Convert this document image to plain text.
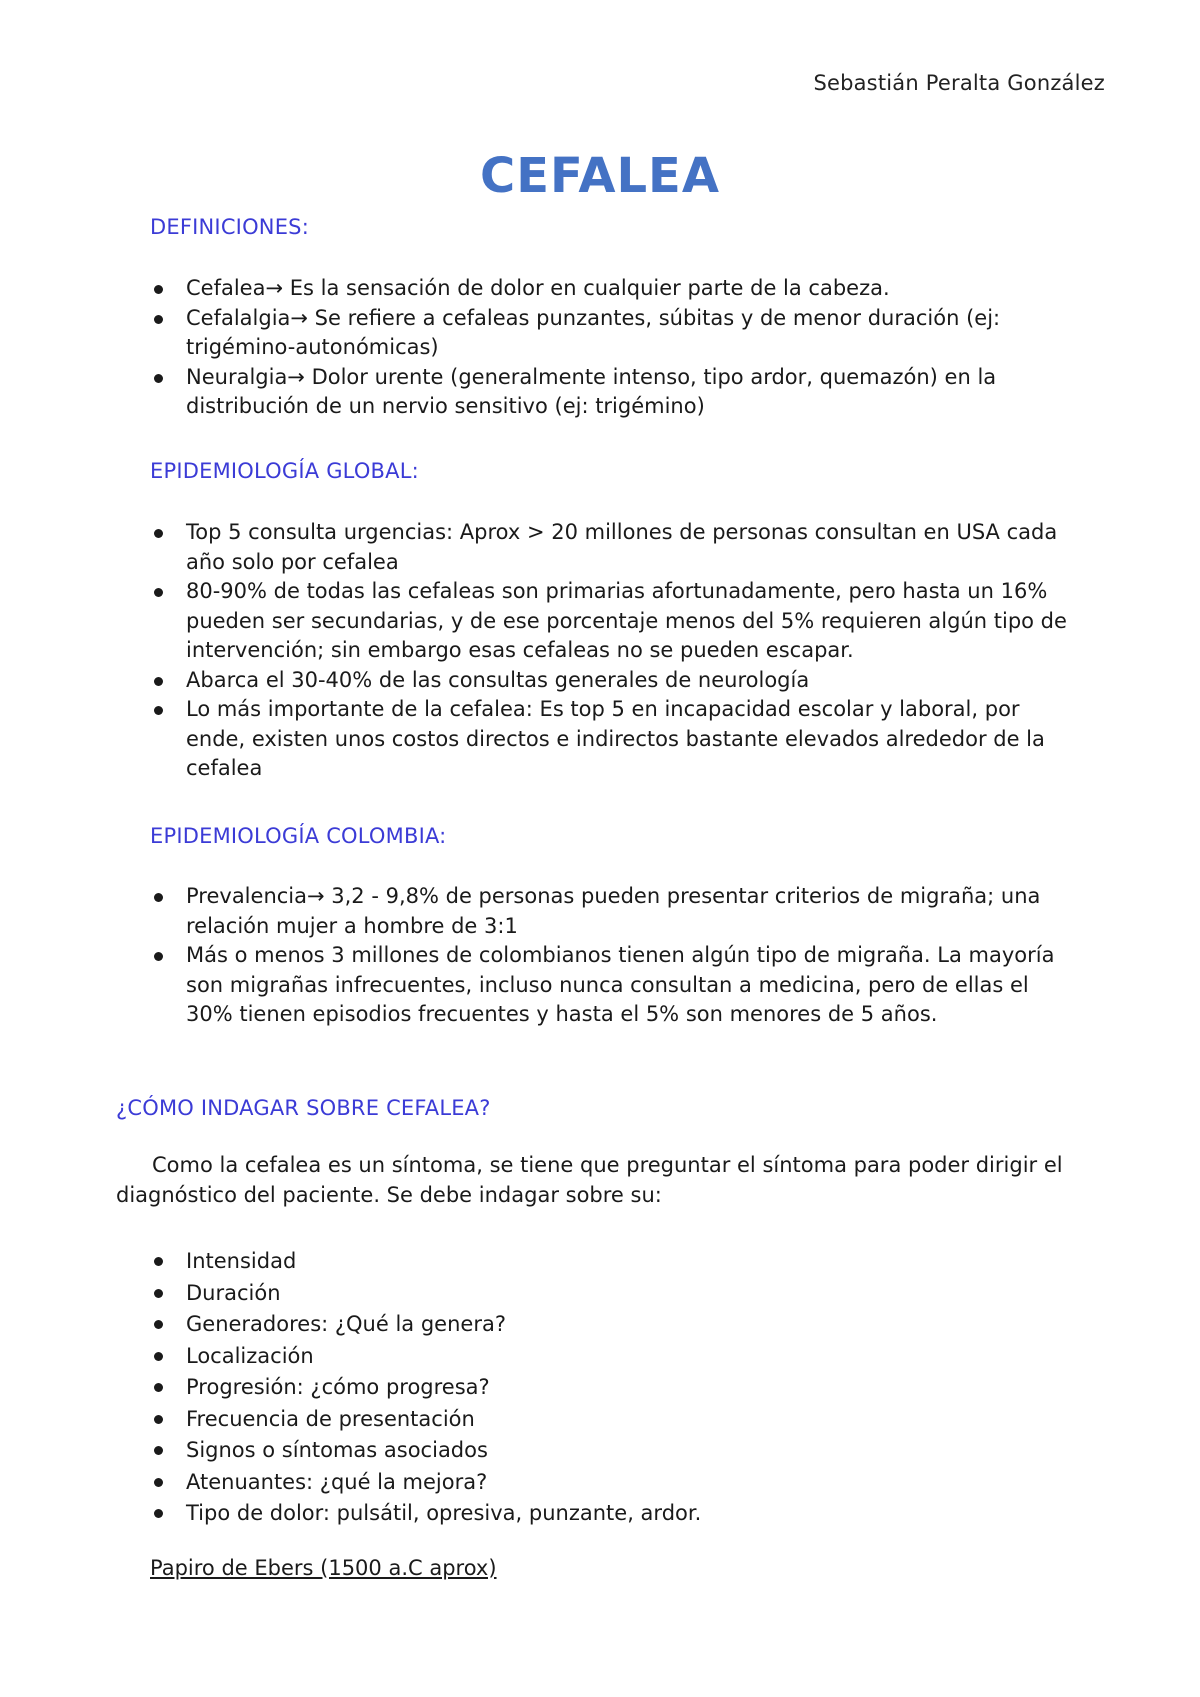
Sebastián Peralta González
CEFALEA
DEFINICIONES:
Cefalea→ Es la sensación de dolor en cualquier parte de la cabeza.
Cefalalgia→ Se refiere a cefaleas punzantes, súbitas y de menor duración (ej: trigémino-autonómicas)
Neuralgia→ Dolor urente (generalmente intenso, tipo ardor, quemazón) en la distribución de un nervio sensitivo (ej: trigémino)
EPIDEMIOLOGÍA GLOBAL:
Top 5 consulta urgencias: Aprox > 20 millones de personas consultan en USA cada año solo por cefalea
80-90% de todas las cefaleas son primarias afortunadamente, pero hasta un 16% pueden ser secundarias, y de ese porcentaje menos del 5% requieren algún tipo de intervención; sin embargo esas cefaleas no se pueden escapar.
Abarca el 30-40% de las consultas generales de neurología
Lo más importante de la cefalea: Es top 5 en incapacidad escolar y laboral, por ende, existen unos costos directos e indirectos bastante elevados alrededor de la cefalea
EPIDEMIOLOGÍA COLOMBIA:
Prevalencia→ 3,2 - 9,8% de personas pueden presentar criterios de migraña; una relación mujer a hombre de 3:1
Más o menos 3 millones de colombianos tienen algún tipo de migraña. La mayoría son migrañas infrecuentes, incluso nunca consultan a medicina, pero de ellas el 30% tienen episodios frecuentes y hasta el 5% son menores de 5 años.
¿CÓMO INDAGAR SOBRE CEFALEA?
Como la cefalea es un síntoma, se tiene que preguntar el síntoma para poder dirigir el diagnóstico del paciente. Se debe indagar sobre su:
Intensidad
Duración
Generadores: ¿Qué la genera?
Localización
Progresión: ¿cómo progresa?
Frecuencia de presentación
Signos o síntomas asociados
Atenuantes: ¿qué la mejora?
Tipo de dolor: pulsátil, opresiva, punzante, ardor.
Papiro de Ebers (1500 a.C aprox)
